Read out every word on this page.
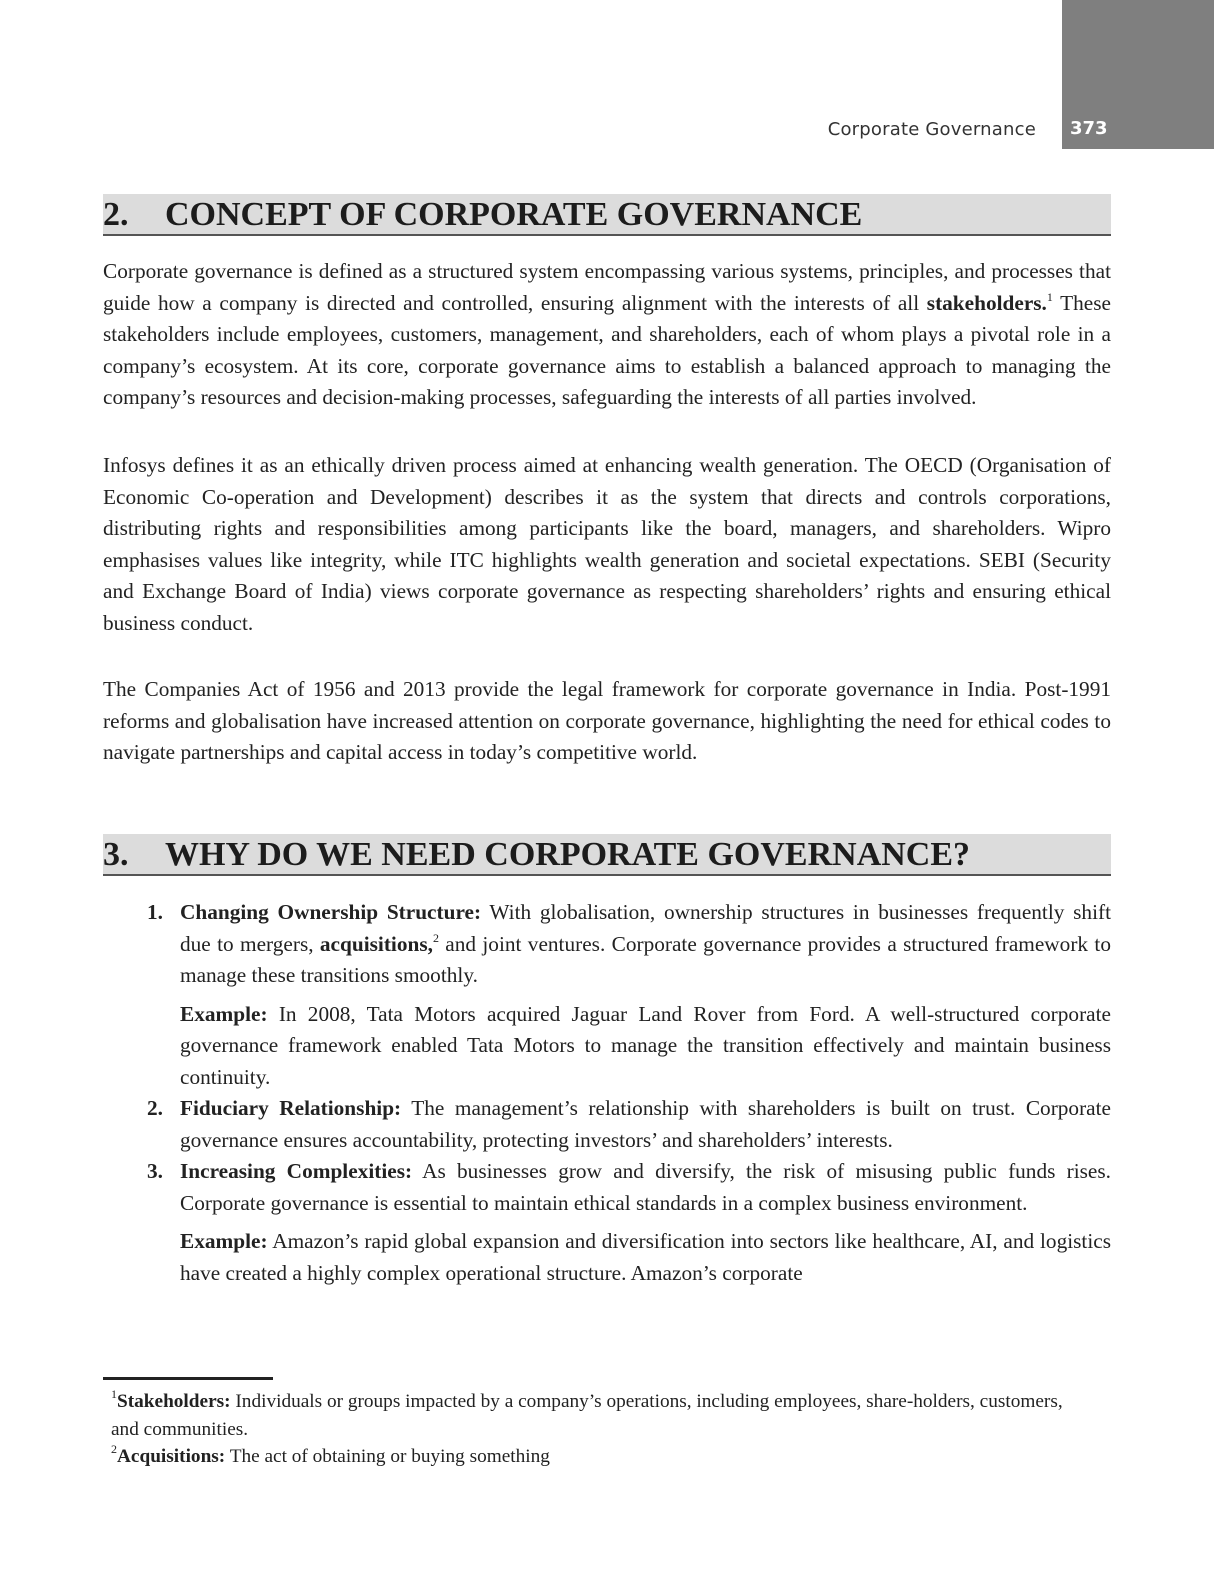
Corporate Governance 373
2. CONCEPT OF CORPORATE GOVERNANCE

Corporate governance is defined as a structured system encompassing various systems, principles, and processes that guide how a company is directed and controlled, ensuring alignment with the interests of all stakeholders.$^1$ These stakeholders include employees, customers, management, and shareholders, each of whom plays a pivotal role in a company’s ecosystem. At its core, corporate governance aims to establish a balanced approach to managing the company’s resources and decision-making processes, safeguarding the interests of all parties involved.

Infosys defines it as an ethically driven process aimed at enhancing wealth generation. The OECD (Organisation of Economic Co-operation and Development) describes it as the system that directs and controls corporations, distributing rights and responsibilities among participants like the board, managers, and shareholders. Wipro emphasises values like integrity, while ITC highlights wealth generation and societal expectations. SEBI (Security and Exchange Board of India) views corporate governance as respecting shareholders’ rights and ensuring ethical business conduct.

The Companies Act of 1956 and 2013 provide the legal framework for corporate governance in India. Post-1991 reforms and globalisation have increased attention on corporate governance, highlighting the need for ethical codes to navigate partnerships and capital access in today’s competitive world.

3. WHY DO WE NEED CORPORATE GOVERNANCE?
1. Changing Ownership Structure: With globalisation, ownership structures in businesses frequently shift due to mergers, acquisitions,$^2$ and joint ventures. Corporate governance provides a structured framework to manage these transitions smoothly.

Example: In 2008, Tata Motors acquired Jaguar Land Rover from Ford. A well-structured corporate governance framework enabled Tata Motors to manage the transition effectively and maintain business continuity.

2. Fiduciary Relationship: The management’s relationship with shareholders is built on trust. Corporate governance ensures accountability, protecting investors’ and shareholders’ interests.

3. Increasing Complexities: As businesses grow and diversify, the risk of misusing public funds rises. Corporate governance is essential to maintain ethical standards in a complex business environment.

Example: Amazon’s rapid global expansion and diversification into sectors like healthcare, AI, and logistics have created a highly complex operational structure. Amazon’s corporate

$^1$Stakeholders: Individuals or groups impacted by a company’s operations, including employees, share-holders, customers, and communities.

$^2$Acquisitions: The act of obtaining or buying something
